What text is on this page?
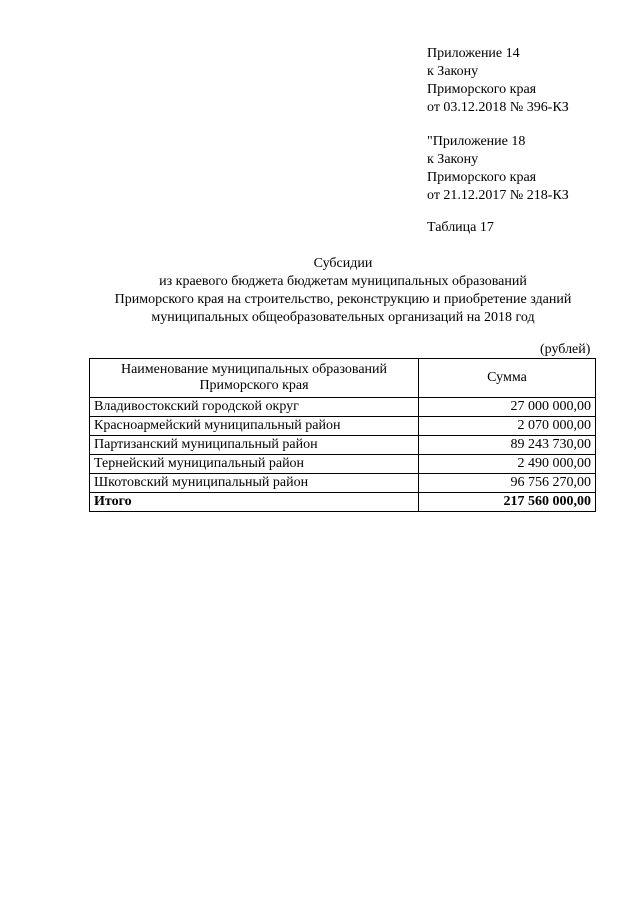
Приложение 14
к Закону
Приморского края
от 03.12.2018 № 396-КЗ
"Приложение 18
к Закону
Приморского края
от 21.12.2017 № 218-КЗ
Таблица 17
Субсидии
из краевого бюджета бюджетам муниципальных образований
Приморского края на строительство, реконструкцию и приобретение зданий
муниципальных общеобразовательных организаций на 2018 год
(рублей)
Наименование муниципальных образований
Приморского края	Сумма
Владивостокский городской округ	27 000 000,00
Красноармейский муниципальный район	2 070 000,00
Партизанский муниципальный район	89 243 730,00
Тернейский муниципальный район	2 490 000,00
Шкотовский муниципальный район	96 756 270,00
Итого	217 560 000,00
